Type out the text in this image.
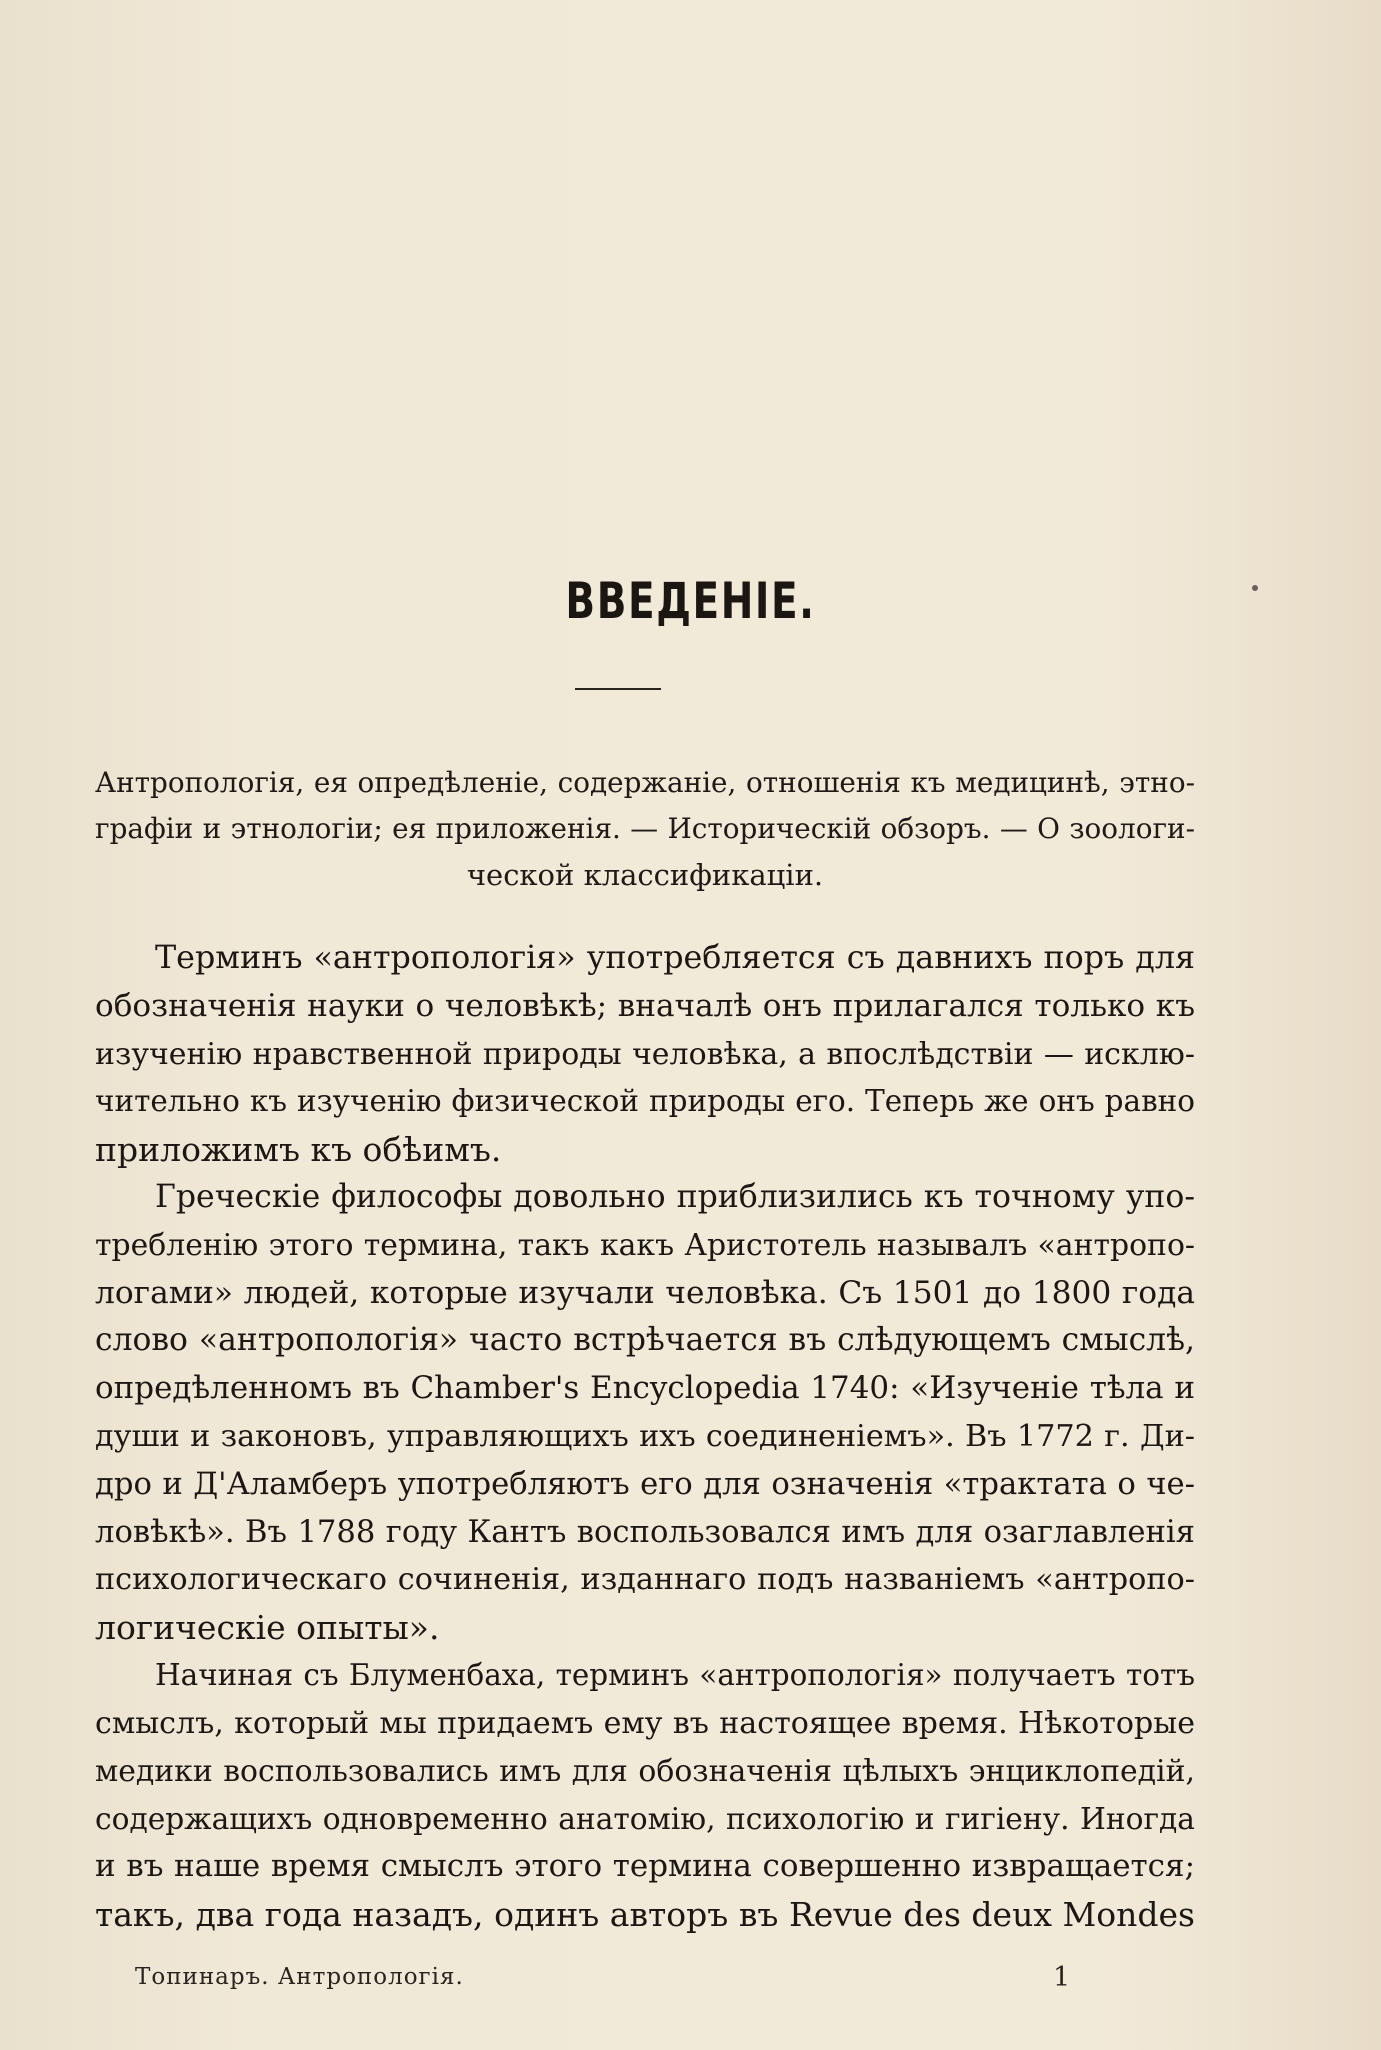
ВВЕДЕНІЕ.
Антропологія, ея опредѣленіе, содержаніе, отношенія къ медицинѣ, этно-
графіи и этнологіи; ея приложенія. — Историческій обзоръ. — О зоологи-
ческой классификаціи.
Терминъ «антропологія» употребляется съ давнихъ поръ для
обозначенія науки о человѣкѣ; вначалѣ онъ прилагался только къ
изученію нравственной природы человѣка, а впослѣдствіи — исклю-
чительно къ изученію физической природы его. Теперь же онъ равно
приложимъ къ обѣимъ.
Греческіе философы довольно приблизились къ точному упо-
требленію этого термина, такъ какъ Аристотель называлъ «антропо-
логами» людей, которые изучали человѣка. Съ 1501 до 1800 года
слово «антропологія» часто встрѣчается въ слѣдующемъ смыслѣ,
опредѣленномъ въ Chamber's Encyclopedia 1740: «Изученіе тѣла и
души и законовъ, управляющихъ ихъ соединеніемъ». Въ 1772 г. Ди-
дро и Д'Аламберъ употребляютъ его для означенія «трактата о че-
ловѣкѣ». Въ 1788 году Кантъ воспользовался имъ для озаглавленія
психологическаго сочиненія, изданнаго подъ названіемъ «антропо-
логическіе опыты».
Начиная съ Блуменбаха, терминъ «антропологія» получаетъ тотъ
смыслъ, который мы придаемъ ему въ настоящее время. Нѣкоторые
медики воспользовались имъ для обозначенія цѣлыхъ энциклопедій,
содержащихъ одновременно анатомію, психологію и гигіену. Иногда
и въ наше время смыслъ этого термина совершенно извращается;
такъ, два года назадъ, одинъ авторъ въ Revue des deux Mondes
Топинаръ. Антропологія.	1
